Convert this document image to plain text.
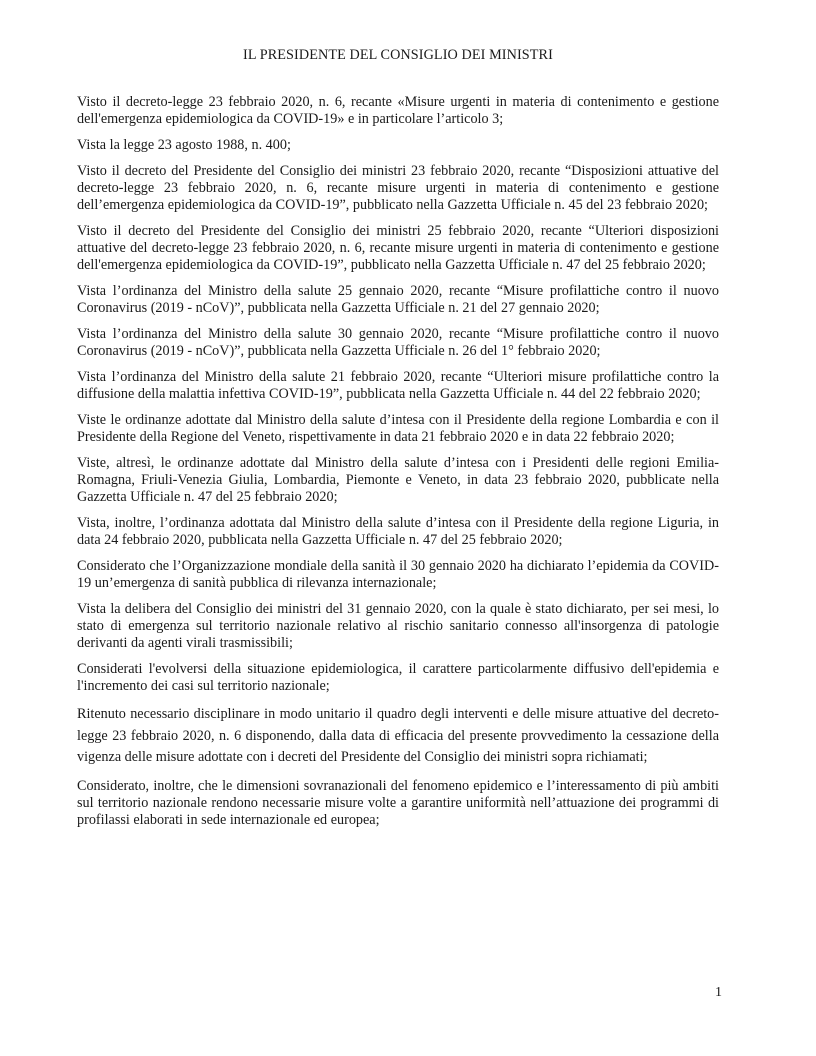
IL PRESIDENTE DEL CONSIGLIO DEI MINISTRI

Visto il decreto-legge 23 febbraio 2020, n. 6, recante «Misure urgenti in materia di contenimento e gestione dell'emergenza epidemiologica da COVID-19» e in particolare l’articolo 3;

Vista la legge 23 agosto 1988, n. 400;

Visto il decreto del Presidente del Consiglio dei ministri 23 febbraio 2020, recante “Disposizioni attuative del decreto-legge 23 febbraio 2020, n. 6, recante misure urgenti in materia di contenimento e gestione dell’emergenza epidemiologica da COVID-19”, pubblicato nella Gazzetta Ufficiale n. 45 del 23 febbraio 2020;

Visto il decreto del Presidente del Consiglio dei ministri 25 febbraio 2020, recante “Ulteriori disposizioni attuative del decreto-legge 23 febbraio 2020, n. 6, recante misure urgenti in materia di contenimento e gestione dell'emergenza epidemiologica da COVID-19”, pubblicato nella Gazzetta Ufficiale n. 47 del 25 febbraio 2020;

Vista l’ordinanza del Ministro della salute 25 gennaio 2020, recante “Misure profilattiche contro il nuovo Coronavirus (2019 - nCoV)”, pubblicata nella Gazzetta Ufficiale n. 21 del 27 gennaio 2020;

Vista l’ordinanza del Ministro della salute 30 gennaio 2020, recante “Misure profilattiche contro il nuovo Coronavirus (2019 - nCoV)”, pubblicata nella Gazzetta Ufficiale n. 26 del 1° febbraio 2020;

Vista l’ordinanza del Ministro della salute 21 febbraio 2020, recante “Ulteriori misure profilattiche contro la diffusione della malattia infettiva COVID-19”, pubblicata nella Gazzetta Ufficiale n. 44 del 22 febbraio 2020;

Viste le ordinanze adottate dal Ministro della salute d’intesa con il Presidente della regione Lombardia e con il Presidente della Regione del Veneto, rispettivamente in data 21 febbraio 2020 e in data 22 febbraio 2020;

Viste, altresì, le ordinanze adottate dal Ministro della salute d’intesa con i Presidenti delle regioni Emilia-Romagna, Friuli-Venezia Giulia, Lombardia, Piemonte e Veneto, in data 23 febbraio 2020, pubblicate nella Gazzetta Ufficiale n. 47 del 25 febbraio 2020;

Vista, inoltre, l’ordinanza adottata dal Ministro della salute d’intesa con il Presidente della regione Liguria, in data 24 febbraio 2020, pubblicata nella Gazzetta Ufficiale n. 47 del 25 febbraio 2020;

Considerato che l’Organizzazione mondiale della sanità il 30 gennaio 2020 ha dichiarato l’epidemia da COVID-19 un’emergenza di sanità pubblica di rilevanza internazionale;

Vista la delibera del Consiglio dei ministri del 31 gennaio 2020, con la quale è stato dichiarato, per sei mesi, lo stato di emergenza sul territorio nazionale relativo al rischio sanitario connesso all'insorgenza di patologie derivanti da agenti virali trasmissibili;

Considerati l'evolversi della situazione epidemiologica, il carattere particolarmente diffusivo dell'epidemia e l'incremento dei casi sul territorio nazionale;

Ritenuto necessario disciplinare in modo unitario il quadro degli interventi e delle misure attuative del decreto-legge 23 febbraio 2020, n. 6 disponendo, dalla data di efficacia del presente provvedimento la cessazione della vigenza delle misure adottate con i decreti del Presidente del Consiglio dei ministri sopra richiamati;

Considerato, inoltre, che le dimensioni sovranazionali del fenomeno epidemico e l’interessamento di più ambiti sul territorio nazionale rendono necessarie misure volte a garantire uniformità nell’attuazione dei programmi di profilassi elaborati in sede internazionale ed europea;

1
